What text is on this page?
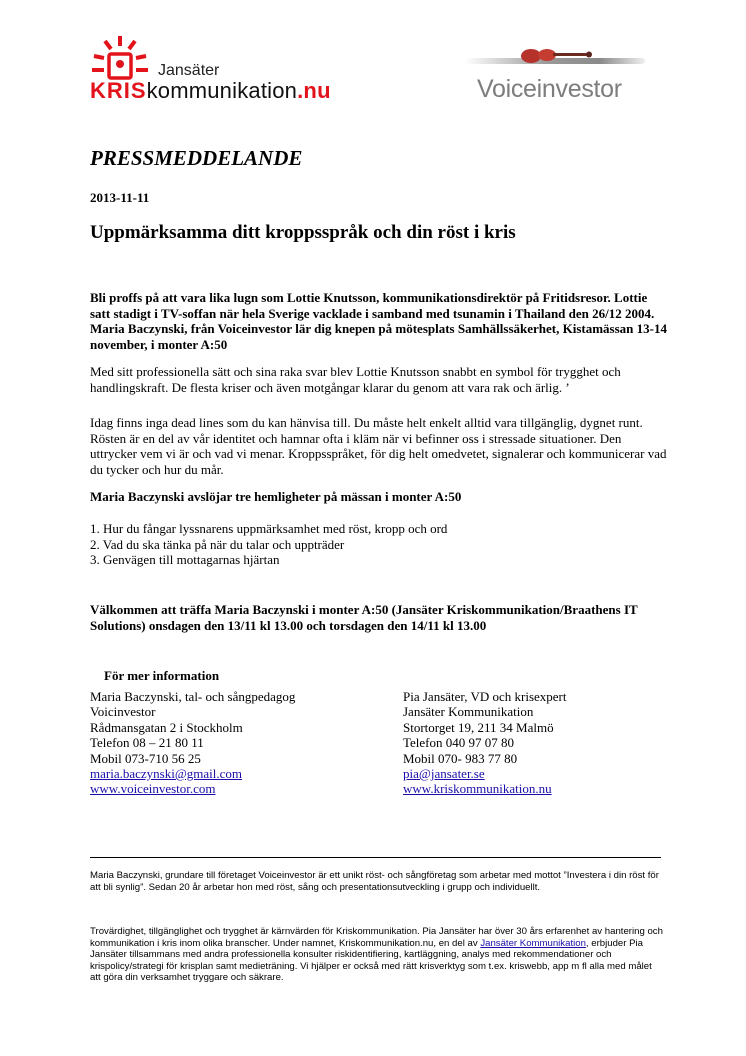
Jansäter
KRISkommunikation.nu	Voiceinvestor
PRESSMEDDELANDE
2013-11-11
Uppmärksamma ditt kroppsspråk och din röst i kris
Bli proffs på att vara lika lugn som Lottie Knutsson, kommunikationsdirektör på Fritidsresor. Lottie satt stadigt i TV-soffan när hela Sverige vacklade i samband med tsunamin i Thailand den 26/12 2004. Maria Baczynski, från Voiceinvestor lär dig knepen på mötesplats Samhällssäkerhet, Kistamässan 13-14 november, i monter A:50
Med sitt professionella sätt och sina raka svar blev Lottie Knutsson snabbt en symbol för trygghet och handlingskraft. De flesta kriser och även motgångar klarar du genom att vara rak och ärlig. ’
Idag finns inga dead lines som du kan hänvisa till. Du måste helt enkelt alltid vara tillgänglig, dygnet runt. Rösten är en del av vår identitet och hamnar ofta i kläm när vi befinner oss i stressade situationer. Den uttrycker vem vi är och vad vi menar. Kroppsspråket, för dig helt omedvetet, signalerar och kommunicerar vad du tycker och hur du mår.
Maria Baczynski avslöjar tre hemligheter på mässan i monter A:50
1. Hur du fångar lyssnarens uppmärksamhet med röst, kropp och ord
2. Vad du ska tänka på när du talar och uppträder
3. Genvägen till mottagarnas hjärtan
Välkommen att träffa Maria Baczynski i monter A:50 (Jansäter Kriskommunikation/Braathens IT Solutions) onsdagen den 13/11 kl 13.00 och torsdagen den 14/11 kl 13.00
För mer information
Maria Baczynski, tal- och sångpedagog
Voicinvestor
Rådmansgatan 2 i Stockholm
Telefon 08 – 21 80 11
Mobil 073-710 56 25
maria.baczynski@gmail.com
www.voiceinvestor.com
Pia Jansäter, VD och krisexpert
Jansäter Kommunikation
Stortorget 19, 211 34 Malmö
Telefon 040 97 07 80
Mobil 070- 983 77 80
pia@jansater.se
www.kriskommunikation.nu
Maria Baczynski, grundare till företaget Voiceinvestor är ett unikt röst- och sångföretag som arbetar med mottot ”Investera i din röst för att bli synlig”. Sedan 20 år arbetar hon med röst, sång och presentationsutveckling i grupp och individuellt.
Trovärdighet, tillgänglighet och trygghet är kärnvärden för Kriskommunikation. Pia Jansäter har över 30 års erfarenhet av hantering och kommunikation i kris inom olika branscher. Under namnet, Kriskommunikation.nu, en del av Jansäter Kommunikation, erbjuder Pia Jansäter tillsammans med andra professionella konsulter riskidentifiering, kartläggning, analys med rekommendationer och krispolicy/strategi för krisplan samt medieträning. Vi hjälper er också med rätt krisverktyg som t.ex. kriswebb, app m fl alla med målet att göra din verksamhet tryggare och säkrare.
